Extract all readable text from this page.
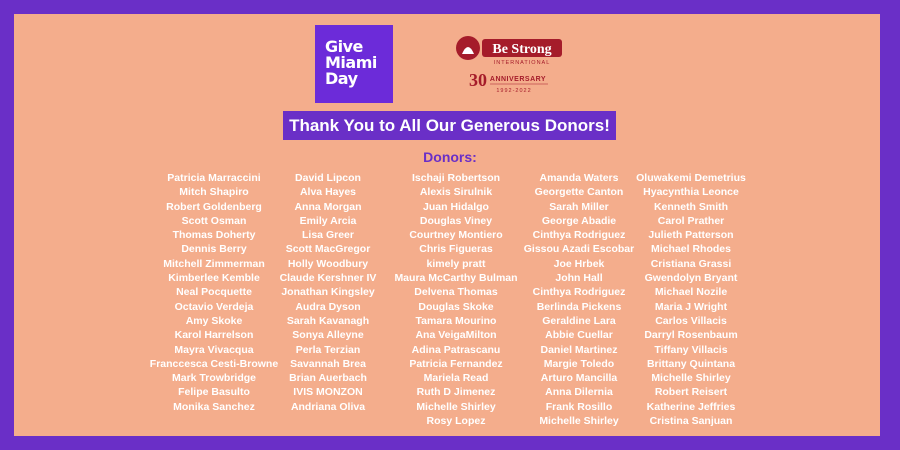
Give
Miami
Day
Be Strong
INTERNATIONAL
30 ANNIVERSARY
1992-2022
Thank You to All Our Generous Donors!
Donors:
Patricia Marraccini
Mitch Shapiro
Robert Goldenberg
Scott Osman
Thomas Doherty
Dennis Berry
Mitchell Zimmerman
Kimberlee Kemble
Neal Pocquette
Octavio Verdeja
Amy Skoke
Karol Harrelson
Mayra Vivacqua
Franccesca Cesti-Browne
Mark Trowbridge
Felipe Basulto
Monika Sanchez
David Lipcon
Alva Hayes
Anna Morgan
Emily Arcia
Lisa Greer
Scott MacGregor
Holly Woodbury
Claude Kershner IV
Jonathan Kingsley
Audra Dyson
Sarah Kavanagh
Sonya Alleyne
Perla Terzian
Savannah Brea
Brian Auerbach
IVIS MONZON
Andriana Oliva
Ischaji Robertson
Alexis Sirulnik
Juan Hidalgo
Douglas Viney
Courtney Montiero
Chris Figueras
kimely pratt
Maura McCarthy Bulman
Delvena Thomas
Douglas Skoke
Tamara Mourino
Ana VeigaMilton
Adina Patrascanu
Patricia Fernandez
Mariela Read
Ruth D Jimenez
Michelle Shirley
Rosy Lopez
Amanda Waters
Georgette Canton
Sarah Miller
George Abadie
Cinthya Rodriguez
Gissou Azadi Escobar
Joe Hrbek
John Hall
Cinthya Rodriguez
Berlinda Pickens
Geraldine Lara
Abbie Cuellar
Daniel Martinez
Margie Toledo
Arturo Mancilla
Anna Dilernia
Frank Rosillo
Michelle Shirley
Oluwakemi Demetrius
Hyacynthia Leonce
Kenneth Smith
Carol Prather
Julieth Patterson
Michael Rhodes
Cristiana Grassi
Gwendolyn Bryant
Michael Nozile
Maria J Wright
Carlos Villacis
Darryl Rosenbaum
Tiffany Villacis
Brittany Quintana
Michelle Shirley
Robert Reisert
Katherine Jeffries
Cristina Sanjuan
